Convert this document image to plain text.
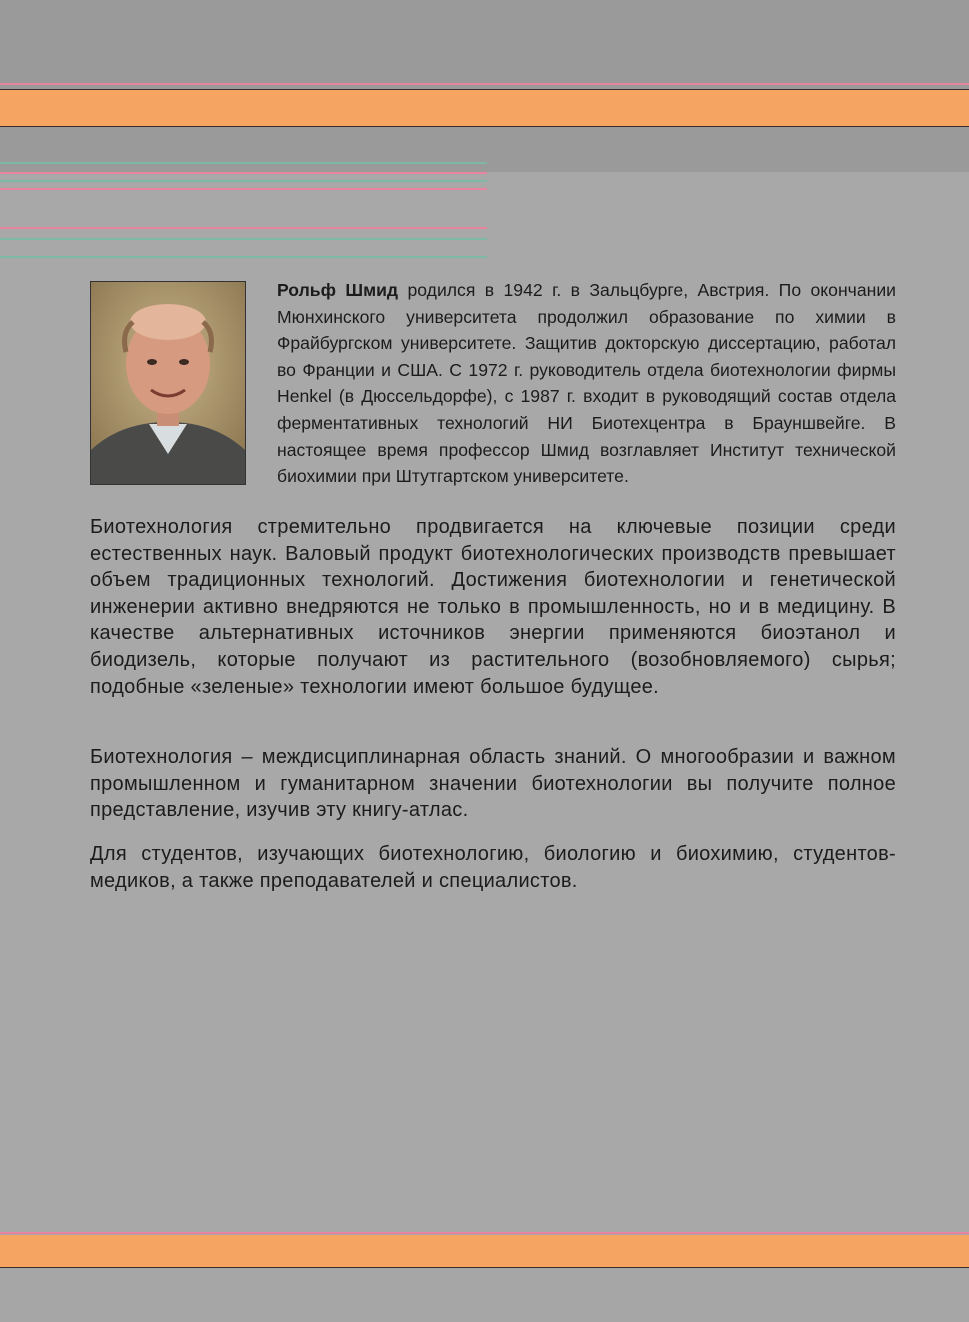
Рольф Шмид родился в 1942 г. в Зальцбурге, Австрия. По окончании Мюнхинского университета продолжил образование по химии в Фрайбургском университете. Защитив докторскую диссертацию, работал во Франции и США. С 1972 г. руководитель отдела биотехнологии фирмы Henkel (в Дюссельдорфе), с 1987 г. входит в руководящий состав отдела ферментативных технологий НИ Биотехцентра в Брауншвейге. В настоящее время профессор Шмид возглавляет Институт технической биохимии при Штутгартском университете.

Биотехнология стремительно продвигается на ключевые позиции среди естественных наук. Валовый продукт биотехнологических производств превышает объем традиционных технологий. Достижения биотехнологии и генетической инженерии активно внедряются не только в промышленность, но и в медицину. В качестве альтернативных источников энергии применяются биоэтанол и биодизель, которые получают из растительного (возобновляемого) сырья; подобные «зеленые» технологии имеют большое будущее.

Биотехнология – междисциплинарная область знаний. О многообразии и важном промышленном и гуманитарном значении биотехнологии вы получите полное представление, изучив эту книгу-атлас.

Для студентов, изучающих биотехнологию, биологию и биохимию, студентов-медиков, а также преподавателей и специалистов.
